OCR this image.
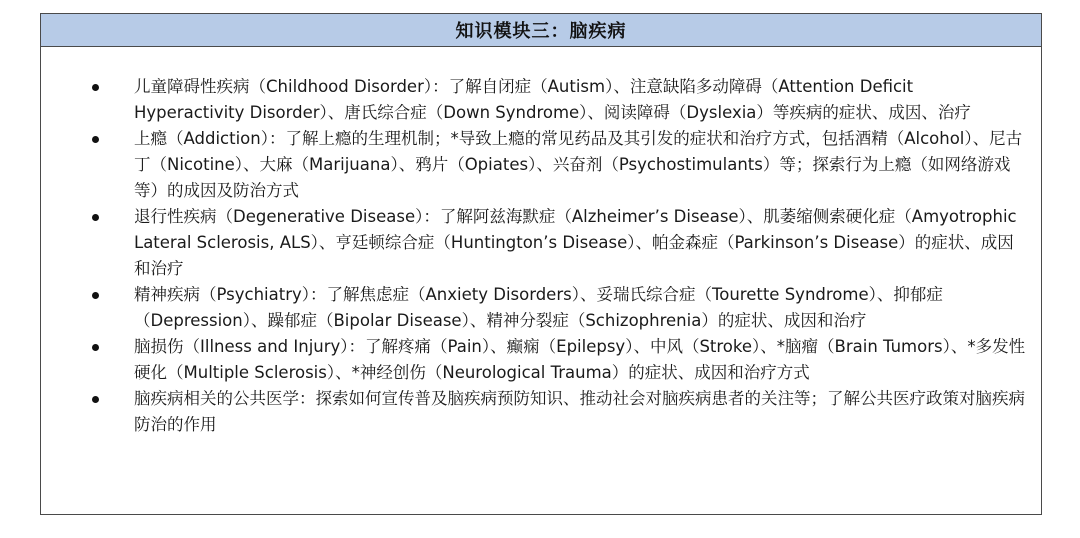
知识模块三：脑疾病
儿童障碍性疾病（Childhood Disorder）：了解自闭症（Autism）、注意缺陷多动障碍（Attention Deficit Hyperactivity Disorder）、唐氏综合症（Down Syndrome）、阅读障碍（Dyslexia）等疾病的症状、成因、治疗
上瘾（Addiction）：了解上瘾的生理机制；*导致上瘾的常见药品及其引发的症状和治疗方式，包括酒精（Alcohol）、尼古丁（Nicotine）、大麻（Marijuana）、鸦片（Opiates）、兴奋剂（Psychostimulants）等；探索行为上瘾（如网络游戏等）的成因及防治方式
退行性疾病（Degenerative Disease）：了解阿兹海默症（Alzheimer’s Disease）、肌萎缩侧索硬化症（Amyotrophic Lateral Sclerosis, ALS）、亨廷顿综合症（Huntington’s Disease）、帕金森症（Parkinson’s Disease）的症状、成因和治疗
精神疾病（Psychiatry）：了解焦虑症（Anxiety Disorders）、妥瑞氏综合症（Tourette Syndrome）、抑郁症（Depression）、躁郁症（Bipolar Disease）、精神分裂症（Schizophrenia）的症状、成因和治疗
脑损伤（Illness and Injury）：了解疼痛（Pain）、癫痫（Epilepsy）、中风（Stroke）、*脑瘤（Brain Tumors）、*多发性硬化（Multiple Sclerosis）、*神经创伤（Neurological Trauma）的症状、成因和治疗方式
脑疾病相关的公共医学：探索如何宣传普及脑疾病预防知识、推动社会对脑疾病患者的关注等；了解公共医疗政策对脑疾病防治的作用
